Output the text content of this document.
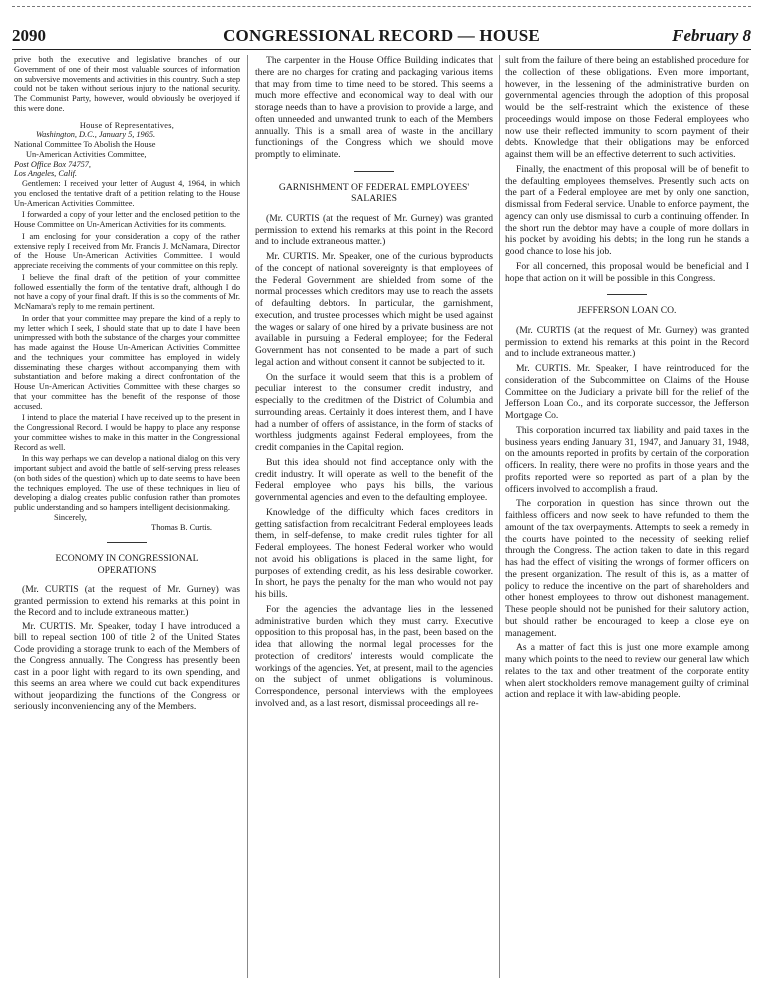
2090	CONGRESSIONAL RECORD — HOUSE	February 8

prive both the executive and legislative branches of our Government of one of their most valuable sources of information on subversive movements and activities in this country. Such a step could not be taken without serious injury to the national security. The Communist Party, however, would obviously be overjoyed if this were done.

House of Representatives,

Washington, D.C., January 5, 1965.

National Committee To Abolish the House

Un-American Activities Committee,

Post Office Box 74757,

Los Angeles, Calif.

Gentlemen: I received your letter of August 4, 1964, in which you enclosed the tentative draft of a petition relating to the House Un-American Activities Committee.

I forwarded a copy of your letter and the enclosed petition to the House Committee on Un-American Activities for its comments.

I am enclosing for your consideration a copy of the rather extensive reply I received from Mr. Francis J. McNamara, Director of the House Un-American Activities Committee. I would appreciate receiving the comments of your committee on this reply.

I believe the final draft of the petition of your committee followed essentially the form of the tentative draft, although I do not have a copy of your final draft. If this is so the comments of Mr. McNamara's reply to me remain pertinent.

In order that your committee may prepare the kind of a reply to my letter which I seek, I should state that up to date I have been unimpressed with both the substance of the charges your committee has made against the House Un-American Activities Committee and the techniques your committee has employed in widely disseminating these charges without accompanying them with substantiation and before making a direct confrontation of the House Un-American Activities Committee with these charges so that your committee has the benefit of the response of those accused.

I intend to place the material I have received up to the present in the Congressional Record. I would be happy to place any response your committee wishes to make in this matter in the Congressional Record as well.

In this way perhaps we can develop a national dialog on this very important subject and avoid the battle of self-serving press releases (on both sides of the question) which up to date seems to have been the techniques employed. The use of these techniques in lieu of developing a dialog creates public confusion rather than promotes public understanding and so hampers intelligent decisionmaking.

Sincerely,

Thomas B. Curtis.

ECONOMY IN CONGRESSIONAL OPERATIONS

(Mr. CURTIS (at the request of Mr. Gurney) was granted permission to extend his remarks at this point in the Record and to include extraneous matter.)

Mr. CURTIS. Mr. Speaker, today I have introduced a bill to repeal section 100 of title 2 of the United States Code providing a storage trunk to each of the Members of the Congress annually. The Congress has presently been cast in a poor light with regard to its own spending, and this seems an area where we could cut back expenditures without jeopardizing the functions of the Congress or seriously inconveniencing any of the Members.

The carpenter in the House Office Building indicates that there are no charges for crating and packaging various items that may from time to time need to be stored. This seems a much more effective and economical way to deal with our storage needs than to have a provision to provide a large, and often unneeded and unwanted trunk to each of the Members annually. This is a small area of waste in the ancillary functionings of the Congress which we should move promptly to eliminate.

GARNISHMENT OF FEDERAL EMPLOYEES' SALARIES

(Mr. CURTIS (at the request of Mr. Gurney) was granted permission to extend his remarks at this point in the Record and to include extraneous matter.)

Mr. CURTIS. Mr. Speaker, one of the curious byproducts of the concept of national sovereignty is that employees of the Federal Government are shielded from some of the normal processes which creditors may use to reach the assets of defaulting debtors. In particular, the garnishment, execution, and trustee processes which might be used against the wages or salary of one hired by a private business are not available in pursuing a Federal employee; for the Federal Government has not consented to be made a part of such legal action and without consent it cannot be subjected to it.

On the surface it would seem that this is a problem of peculiar interest to the consumer credit industry, and especially to the creditmen of the District of Columbia and surrounding areas. Certainly it does interest them, and I have had a number of offers of assistance, in the form of stacks of worthless judgments against Federal employees, from the credit companies in the Capital region.

But this idea should not find acceptance only with the credit industry. It will operate as well to the benefit of the Federal employee who pays his bills, the various governmental agencies and even to the defaulting employee.

Knowledge of the difficulty which faces creditors in getting satisfaction from recalcitrant Federal employees leads them, in self-defense, to make credit rules tighter for all Federal employees. The honest Federal worker who would not avoid his obligations is placed in the same light, for purposes of extending credit, as his less desirable coworker. In short, he pays the penalty for the man who would not pay his bills.

For the agencies the advantage lies in the lessened administrative burden which they must carry. Executive opposition to this proposal has, in the past, been based on the idea that allowing the normal legal processes for the protection of creditors' interests would complicate the workings of the agencies. Yet, at present, mail to the agencies on the subject of unmet obligations is voluminous. Correspondence, personal interviews with the employees involved and, as a last resort, dismissal proceedings all re-

sult from the failure of there being an established procedure for the collection of these obligations. Even more important, however, in the lessening of the administrative burden on governmental agencies through the adoption of this proposal would be the self-restraint which the existence of these proceedings would impose on those Federal employees who now use their reflected immunity to scorn payment of their debts. Knowledge that their obligations may be enforced against them will be an effective deterrent to such activities.

Finally, the enactment of this proposal will be of benefit to the defaulting employees themselves. Presently such acts on the part of a Federal employee are met by only one sanction, dismissal from Federal service. Unable to enforce payment, the agency can only use dismissal to curb a continuing offender. In the short run the debtor may have a couple of more dollars in his pocket by avoiding his debts; in the long run he stands a good chance to lose his job.

For all concerned, this proposal would be beneficial and I hope that action on it will be possible in this Congress.

JEFFERSON LOAN CO.

(Mr. CURTIS (at the request of Mr. Gurney) was granted permission to extend his remarks at this point in the Record and to include extraneous matter.)

Mr. CURTIS. Mr. Speaker, I have reintroduced for the consideration of the Subcommittee on Claims of the House Committee on the Judiciary a private bill for the relief of the Jefferson Loan Co., and its corporate successor, the Jefferson Mortgage Co.

This corporation incurred tax liability and paid taxes in the business years ending January 31, 1947, and January 31, 1948, on the amounts reported in profits by certain of the corporation officers. In reality, there were no profits in those years and the profits reported were so reported as part of a plan by the officers involved to accomplish a fraud.

The corporation in question has since thrown out the faithless officers and now seek to have refunded to them the amount of the tax overpayments. Attempts to seek a remedy in the courts have pointed to the necessity of seeking relief through the Congress. The action taken to date in this regard has had the effect of visiting the wrongs of former officers on the present organization. The result of this is, as a matter of policy to reduce the incentive on the part of shareholders and other honest employees to throw out dishonest management. These people should not be punished for their salutory action, but should rather be encouraged to keep a close eye on management.

As a matter of fact this is just one more example among many which points to the need to review our general law which relates to the tax and other treatment of the corporate entity when alert stockholders remove management guilty of criminal action and replace it with law-abiding people.
